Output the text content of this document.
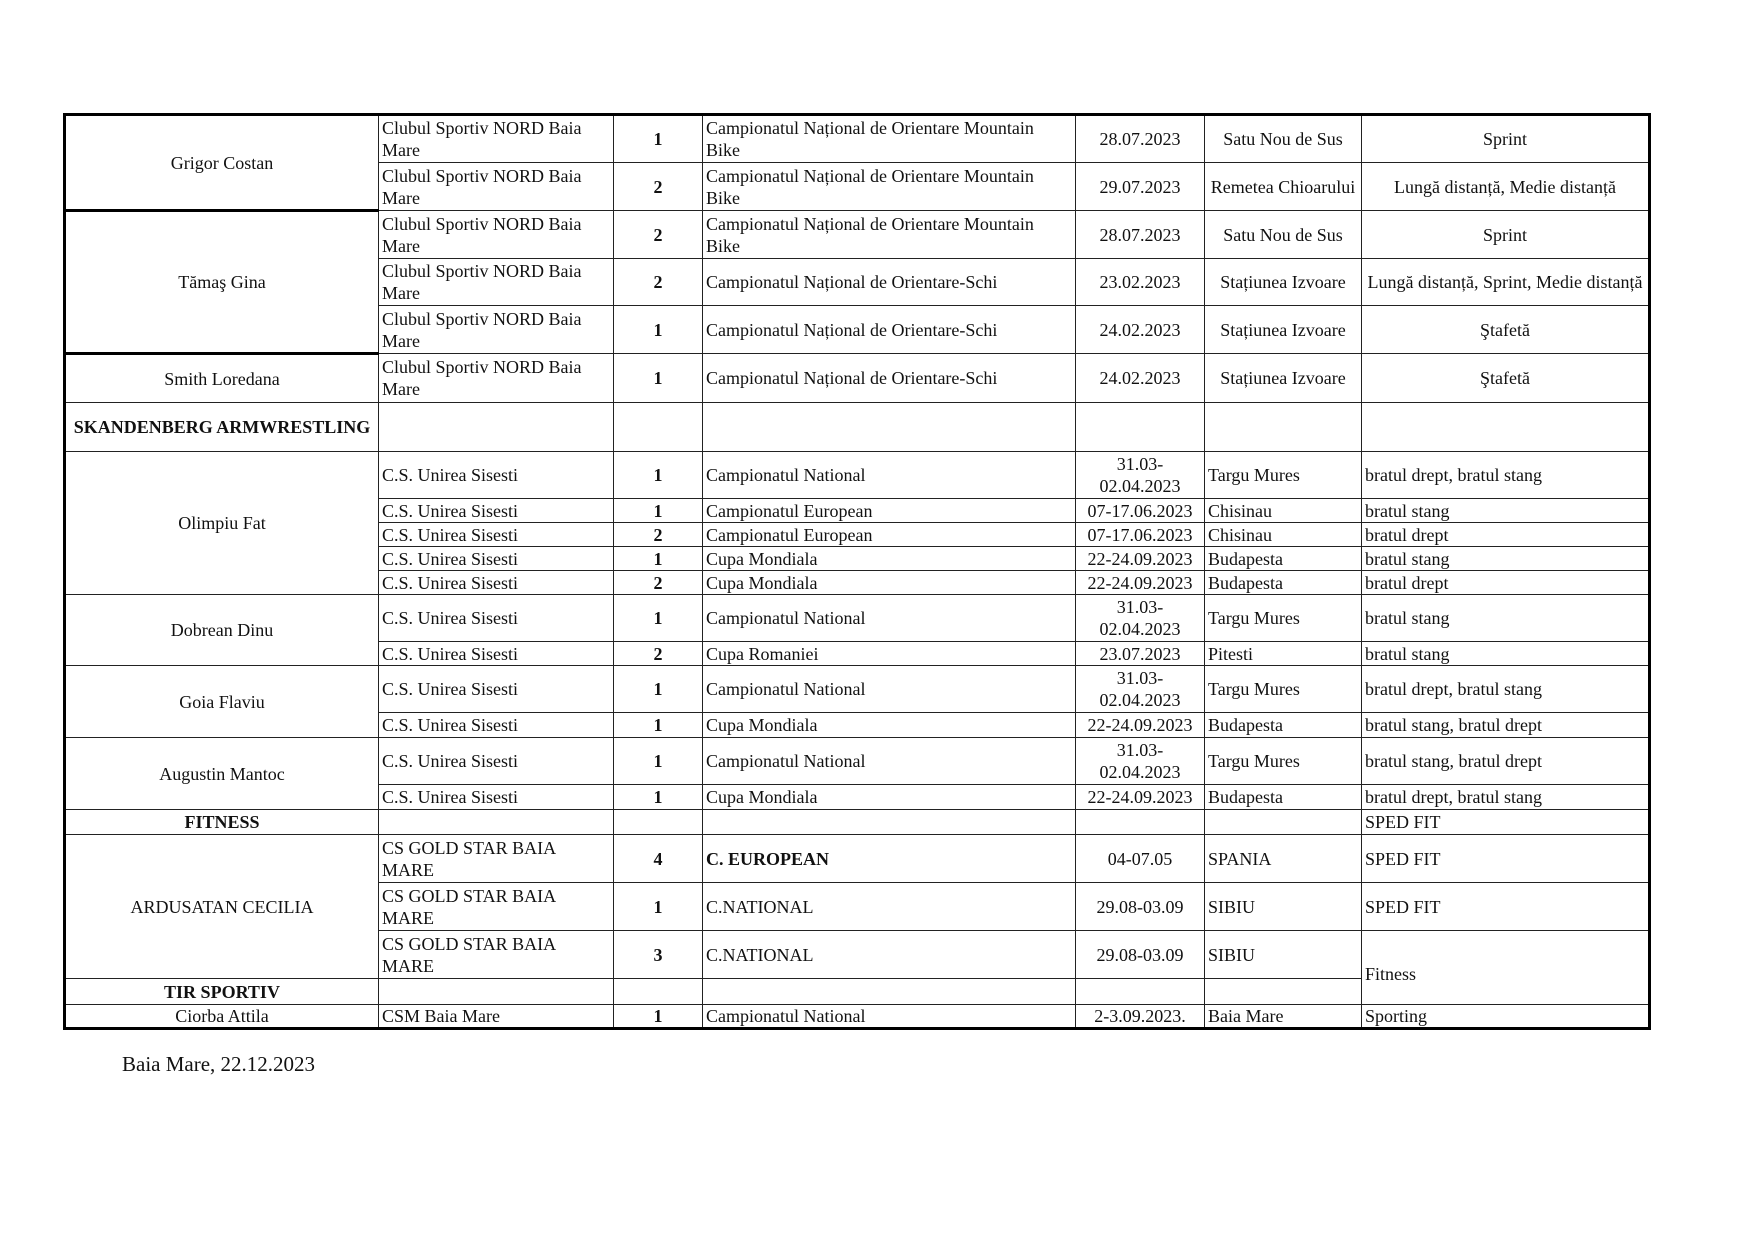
Grigor Costan	Clubul Sportiv NORD Baia Mare	1	Campionatul Național de Orientare Mountain Bike	28.07.2023	Satu Nou de Sus	Sprint
	Clubul Sportiv NORD Baia Mare	2	Campionatul Național de Orientare Mountain Bike	29.07.2023	Remetea Chioarului	Lungă distanță, Medie distanță
Tămaş Gina	Clubul Sportiv NORD Baia Mare	2	Campionatul Național de Orientare Mountain Bike	28.07.2023	Satu Nou de Sus	Sprint
	Clubul Sportiv NORD Baia Mare	2	Campionatul Național de Orientare-Schi	23.02.2023	Stațiunea Izvoare	Lungă distanță, Sprint, Medie distanță
	Clubul Sportiv NORD Baia Mare	1	Campionatul Național de Orientare-Schi	24.02.2023	Stațiunea Izvoare	Ştafetă
Smith Loredana	Clubul Sportiv NORD Baia Mare	1	Campionatul Național de Orientare-Schi	24.02.2023	Stațiunea Izvoare	Ştafetă
SKANDENBERG ARMWRESTLING						
Olimpiu Fat	C.S. Unirea Sisesti	1	Campionatul National	31.03-02.04.2023	Targu Mures	bratul drept, bratul stang
	C.S. Unirea Sisesti	1	Campionatul European	07-17.06.2023	Chisinau	bratul stang
	C.S. Unirea Sisesti	2	Campionatul European	07-17.06.2023	Chisinau	bratul drept
	C.S. Unirea Sisesti	1	Cupa Mondiala	22-24.09.2023	Budapesta	bratul stang
	C.S. Unirea Sisesti	2	Cupa Mondiala	22-24.09.2023	Budapesta	bratul drept
Dobrean Dinu	C.S. Unirea Sisesti	1	Campionatul National	31.03-02.04.2023	Targu Mures	bratul stang
	C.S. Unirea Sisesti	2	Cupa Romaniei	23.07.2023	Pitesti	bratul stang
Goia Flaviu	C.S. Unirea Sisesti	1	Campionatul National	31.03-02.04.2023	Targu Mures	bratul drept, bratul stang
	C.S. Unirea Sisesti	1	Cupa Mondiala	22-24.09.2023	Budapesta	bratul stang, bratul drept
Augustin Mantoc	C.S. Unirea Sisesti	1	Campionatul National	31.03-02.04.2023	Targu Mures	bratul stang, bratul drept
	C.S. Unirea Sisesti	1	Cupa Mondiala	22-24.09.2023	Budapesta	bratul drept, bratul stang
FITNESS						SPED FIT
ARDUSATAN CECILIA	CS GOLD STAR BAIA MARE	4	C. EUROPEAN	04-07.05	SPANIA	SPED FIT
	CS GOLD STAR BAIA MARE	1	C.NATIONAL	29.08-03.09	SIBIU	SPED FIT
	CS GOLD STAR BAIA MARE	3	C.NATIONAL	29.08-03.09	SIBIU	Fitness
TIR SPORTIV						
Ciorba Attila	CSM Baia Mare	1	Campionatul National	2-3.09.2023.	Baia Mare	Sporting
Baia Mare, 22.12.2023
